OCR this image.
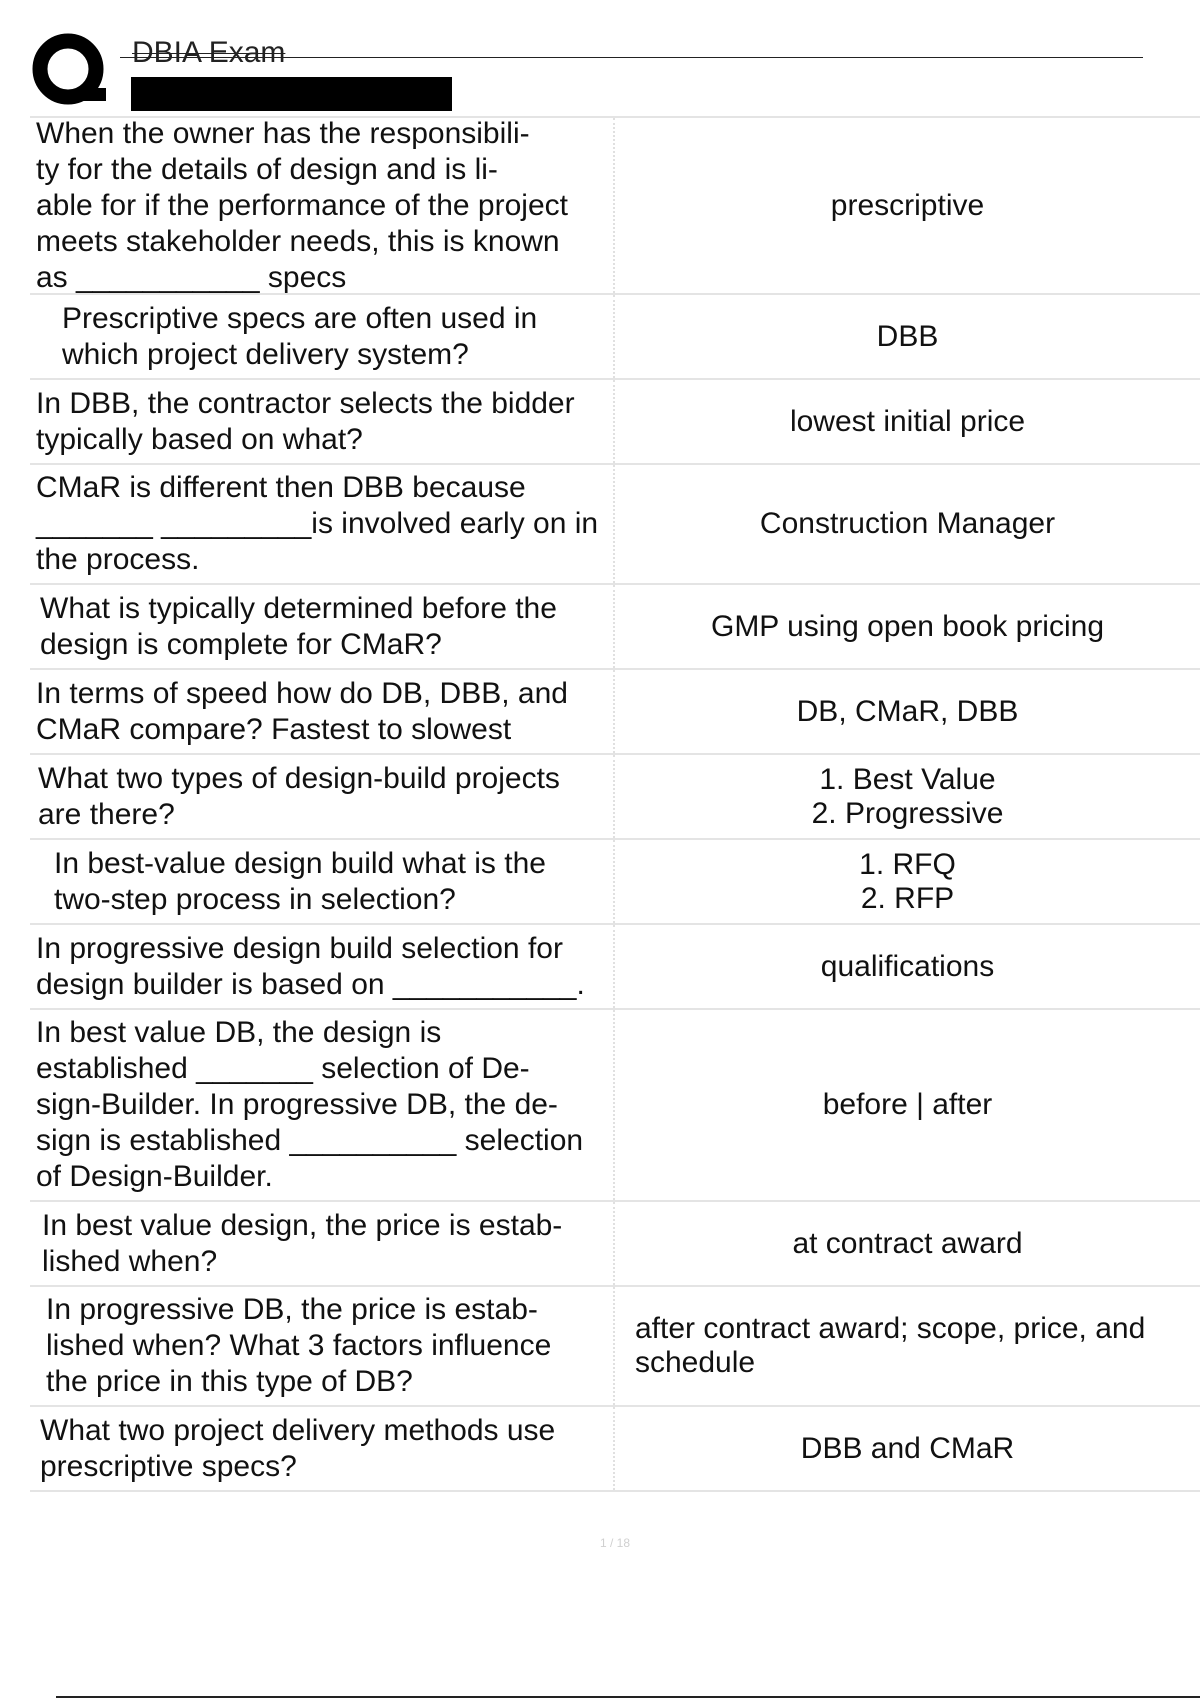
DBIA Exam
When the owner has the responsibili-
ty for the details of design and is li-
able for if the performance of the project
meets stakeholder needs, this is known
as ___________ specs
prescriptive
Prescriptive specs are often used in
which project delivery system?
DBB
In DBB, the contractor selects the bidder
typically based on what?
lowest initial price
CMaR is different then DBB because
_______ _________is involved early on in
the process.
Construction Manager
What is typically determined before the
design is complete for CMaR?
GMP using open book pricing
In terms of speed how do DB, DBB, and
CMaR compare? Fastest to slowest
DB, CMaR, DBB
What two types of design-build projects
are there?
1. Best Value
2. Progressive
In best-value design build what is the
two-step process in selection?
1. RFQ
2. RFP
In progressive design build selection for
design builder is based on ___________.
qualifications
In best value DB, the design is
established _______ selection of De-
sign-Builder. In progressive DB, the de-
sign is established __________ selection
of Design-Builder.
before | after
In best value design, the price is estab-
lished when?
at contract award
In progressive DB, the price is estab-
lished when? What 3 factors influence
the price in this type of DB?
after contract award; scope, price, and
schedule
What two project delivery methods use
prescriptive specs?
DBB and CMaR
1 / 18
